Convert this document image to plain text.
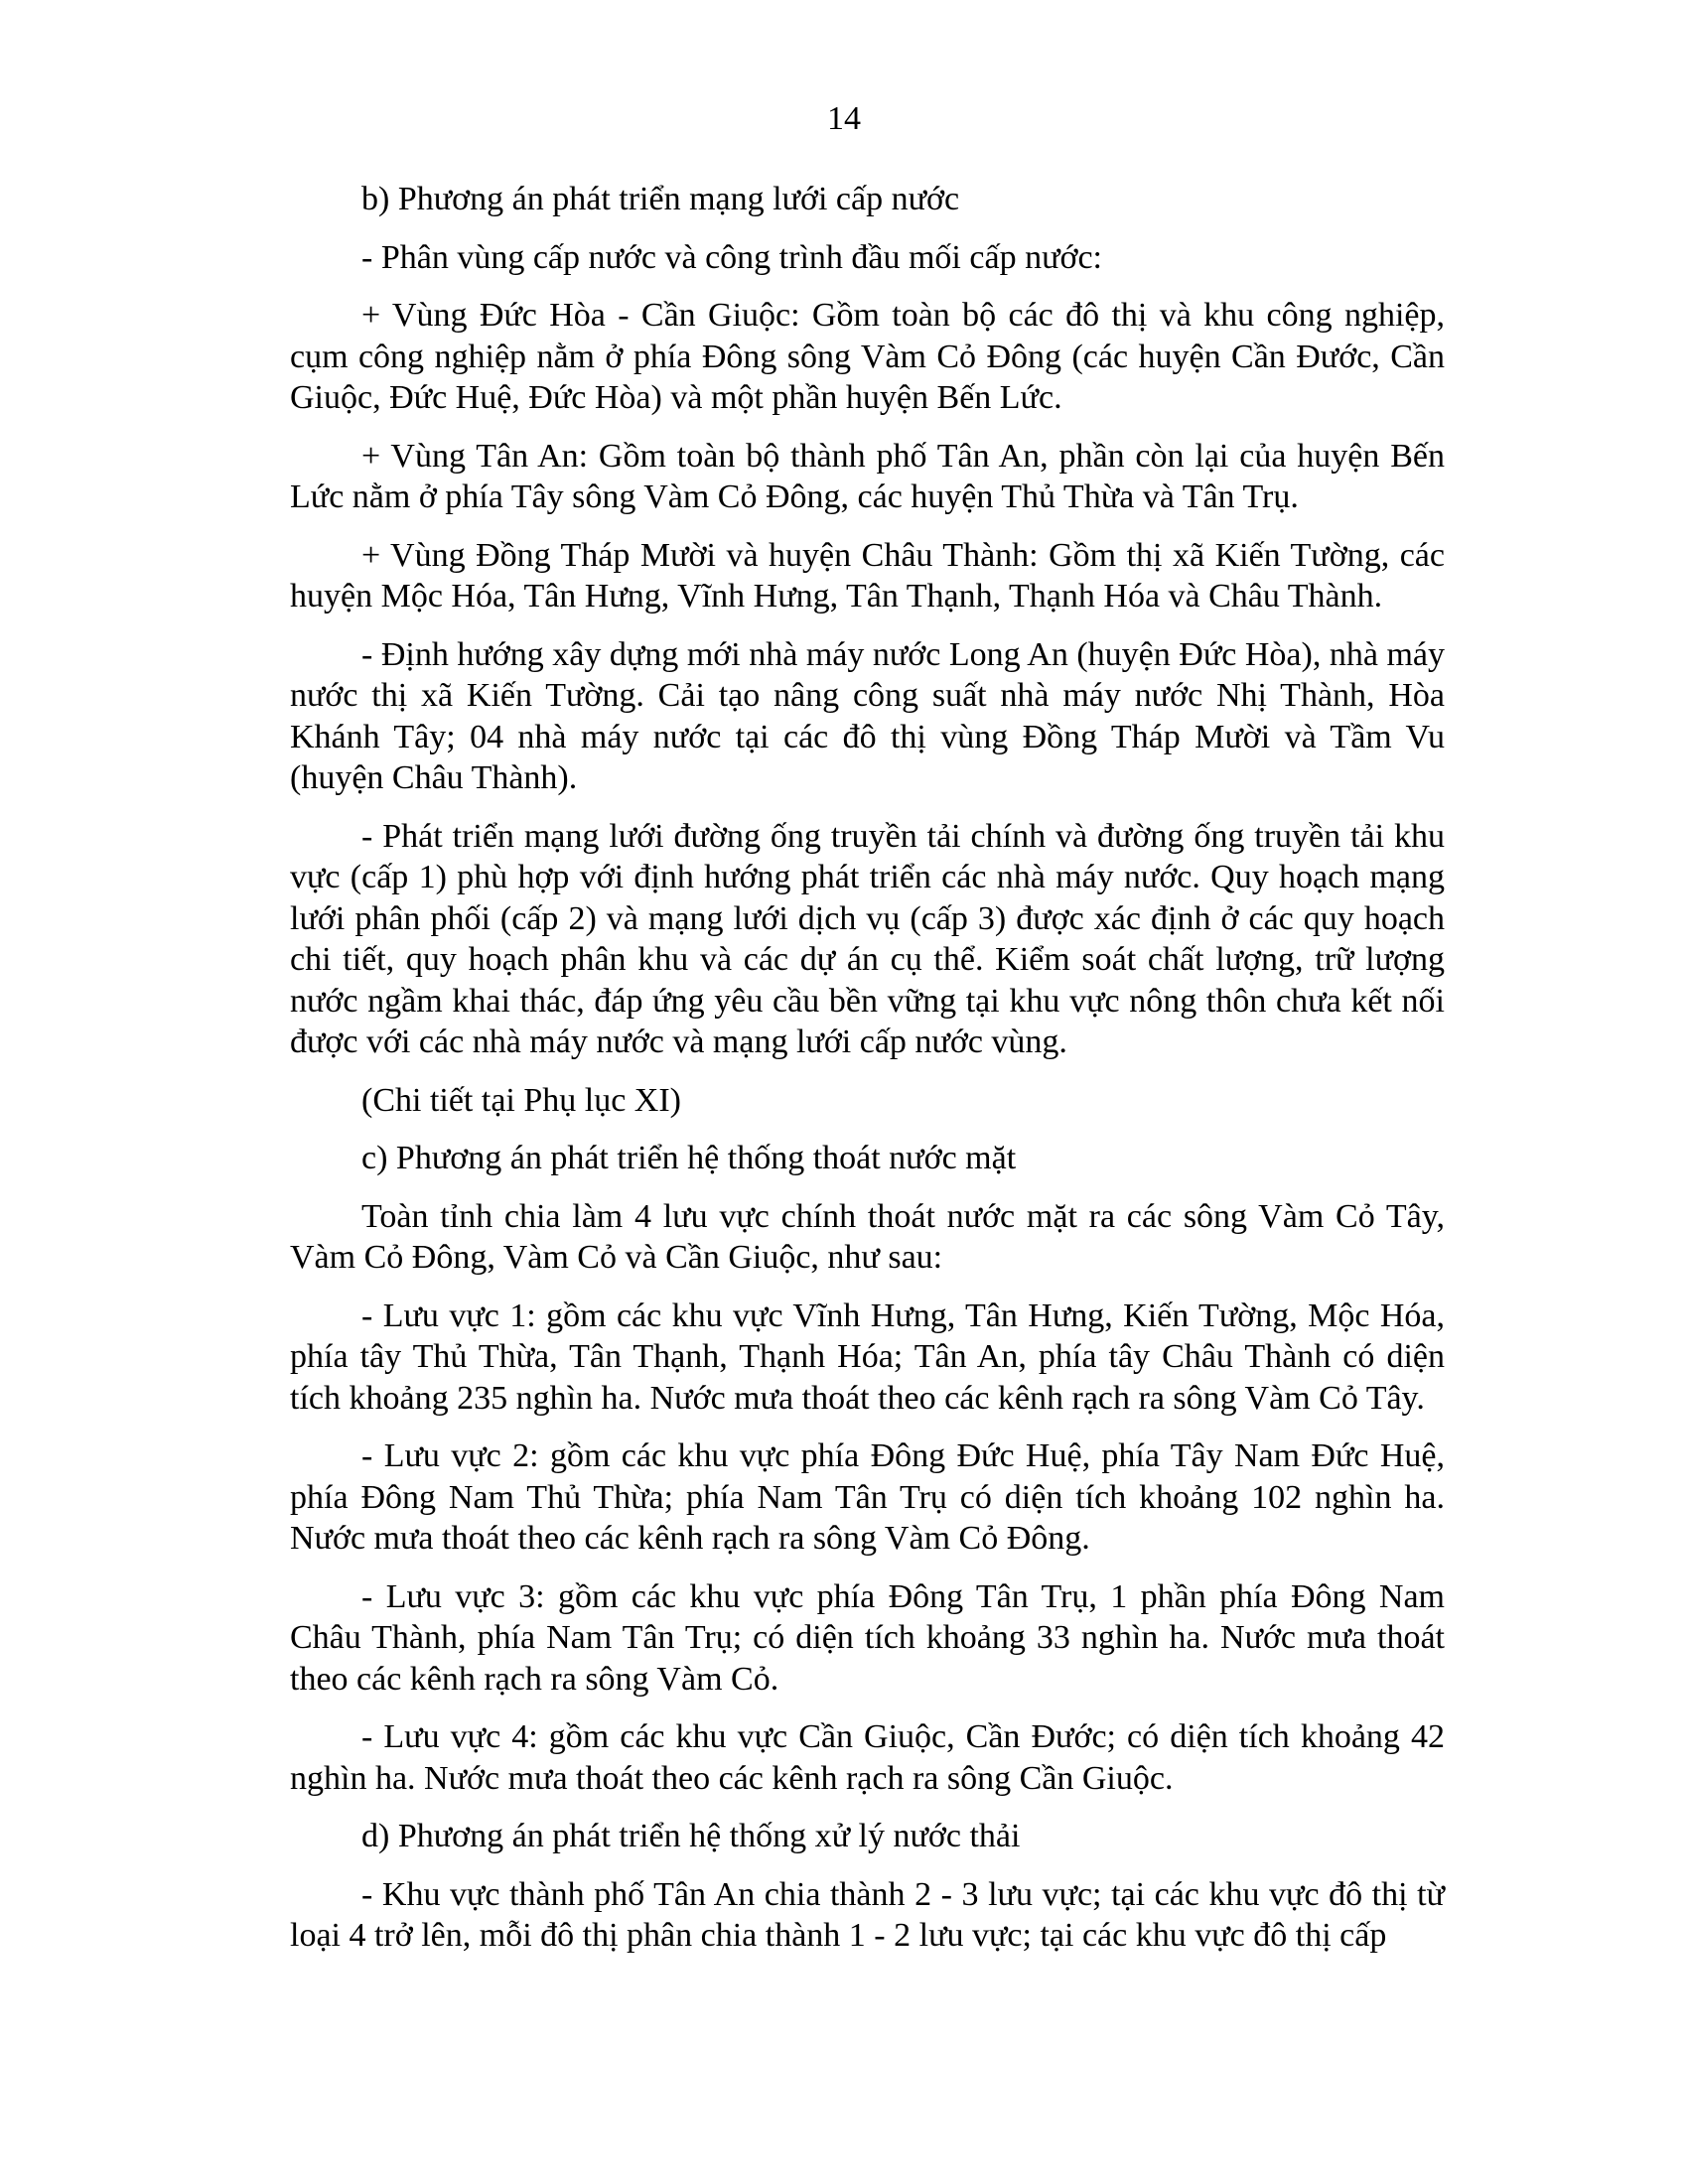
14

b) Phương án phát triển mạng lưới cấp nước

- Phân vùng cấp nước và công trình đầu mối cấp nước:

+ Vùng Đức Hòa - Cần Giuộc: Gồm toàn bộ các đô thị và khu công nghiệp, cụm công nghiệp nằm ở phía Đông sông Vàm Cỏ Đông (các huyện Cần Đước, Cần Giuộc, Đức Huệ, Đức Hòa) và một phần huyện Bến Lức.

+ Vùng Tân An: Gồm toàn bộ thành phố Tân An, phần còn lại của huyện Bến Lức nằm ở phía Tây sông Vàm Cỏ Đông, các huyện Thủ Thừa và Tân Trụ.

+ Vùng Đồng Tháp Mười và huyện Châu Thành: Gồm thị xã Kiến Tường, các huyện Mộc Hóa, Tân Hưng, Vĩnh Hưng, Tân Thạnh, Thạnh Hóa và Châu Thành.

- Định hướng xây dựng mới nhà máy nước Long An (huyện Đức Hòa), nhà máy nước thị xã Kiến Tường. Cải tạo nâng công suất nhà máy nước Nhị Thành, Hòa Khánh Tây; 04 nhà máy nước tại các đô thị vùng Đồng Tháp Mười và Tầm Vu (huyện Châu Thành).

- Phát triển mạng lưới đường ống truyền tải chính và đường ống truyền tải khu vực (cấp 1) phù hợp với định hướng phát triển các nhà máy nước. Quy hoạch mạng lưới phân phối (cấp 2) và mạng lưới dịch vụ (cấp 3) được xác định ở các quy hoạch chi tiết, quy hoạch phân khu và các dự án cụ thể. Kiểm soát chất lượng, trữ lượng nước ngầm khai thác, đáp ứng yêu cầu bền vững tại khu vực nông thôn chưa kết nối được với các nhà máy nước và mạng lưới cấp nước vùng.

(Chi tiết tại Phụ lục XI)

c) Phương án phát triển hệ thống thoát nước mặt

Toàn tỉnh chia làm 4 lưu vực chính thoát nước mặt ra các sông Vàm Cỏ Tây, Vàm Cỏ Đông, Vàm Cỏ và Cần Giuộc, như sau:

- Lưu vực 1: gồm các khu vực Vĩnh Hưng, Tân Hưng, Kiến Tường, Mộc Hóa, phía tây Thủ Thừa, Tân Thạnh, Thạnh Hóa; Tân An, phía tây Châu Thành có diện tích khoảng 235 nghìn ha. Nước mưa thoát theo các kênh rạch ra sông Vàm Cỏ Tây.

- Lưu vực 2: gồm các khu vực phía Đông Đức Huệ, phía Tây Nam Đức Huệ, phía Đông Nam Thủ Thừa; phía Nam Tân Trụ có diện tích khoảng 102 nghìn ha. Nước mưa thoát theo các kênh rạch ra sông Vàm Cỏ Đông.

- Lưu vực 3: gồm các khu vực phía Đông Tân Trụ, 1 phần phía Đông Nam Châu Thành, phía Nam Tân Trụ; có diện tích khoảng 33 nghìn ha. Nước mưa thoát theo các kênh rạch ra sông Vàm Cỏ.

- Lưu vực 4: gồm các khu vực Cần Giuộc, Cần Đước; có diện tích khoảng 42 nghìn ha. Nước mưa thoát theo các kênh rạch ra sông Cần Giuộc.

d) Phương án phát triển hệ thống xử lý nước thải

- Khu vực thành phố Tân An chia thành 2 - 3 lưu vực; tại các khu vực đô thị từ loại 4 trở lên, mỗi đô thị phân chia thành 1 - 2 lưu vực; tại các khu vực đô thị cấp
